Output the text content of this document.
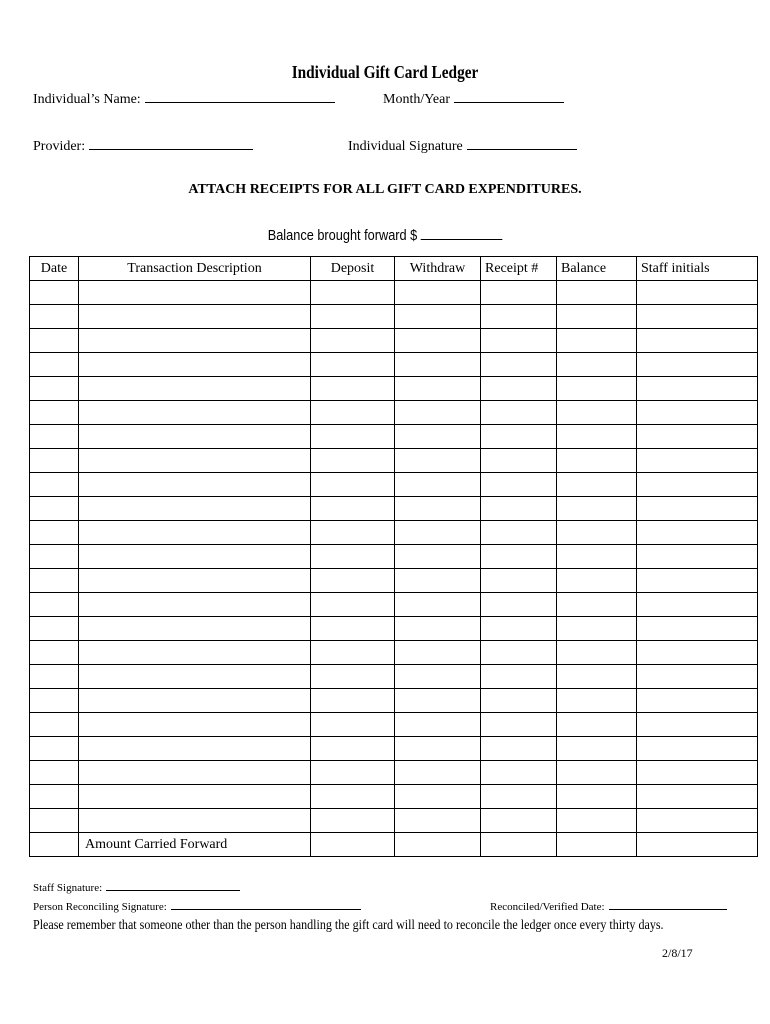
Individual Gift Card Ledger
Individual’s Name:	Month/Year
Provider:	Individual Signature
ATTACH RECEIPTS FOR ALL GIFT CARD EXPENDITURES.
Balance brought forward $
Date	Transaction Description	Deposit	Withdraw	Receipt #	Balance	Staff initials

	Amount Carried Forward					
Staff Signature:
Person Reconciling Signature:	Reconciled/Verified Date:
Please remember that someone other than the person handling the gift card will need to reconcile the ledger once every thirty days.
2/8/17
